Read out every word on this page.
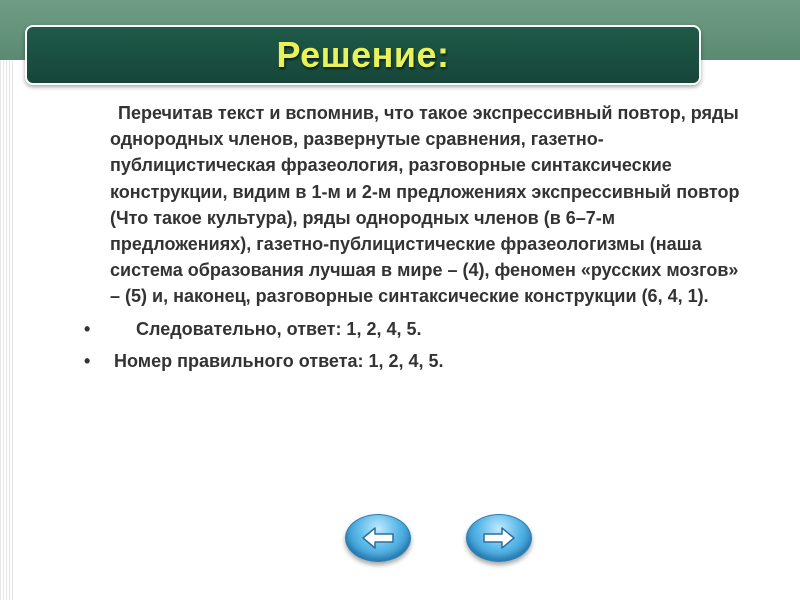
Решение:

Перечитав текст и вспомнив, что такое экспрессивный повтор, ряды однородных членов, развернутые сравнения, газетно-публицистическая фразеология, разговорные синтаксические конструкции, видим в 1-м и 2-м предложениях экспрессивный повтор (Что такое культура), ряды однородных членов (в 6–7-м предложениях), газетно-публицистические фразеологизмы (наша система образования лучшая в мире – (4), феномен «русских мозгов» – (5) и, наконец, разговорные синтаксические конструкции (6, 4, 1).

•	Следовательно, ответ: 1, 2, 4, 5.
•	Номер правильного ответа: 1, 2, 4, 5.
